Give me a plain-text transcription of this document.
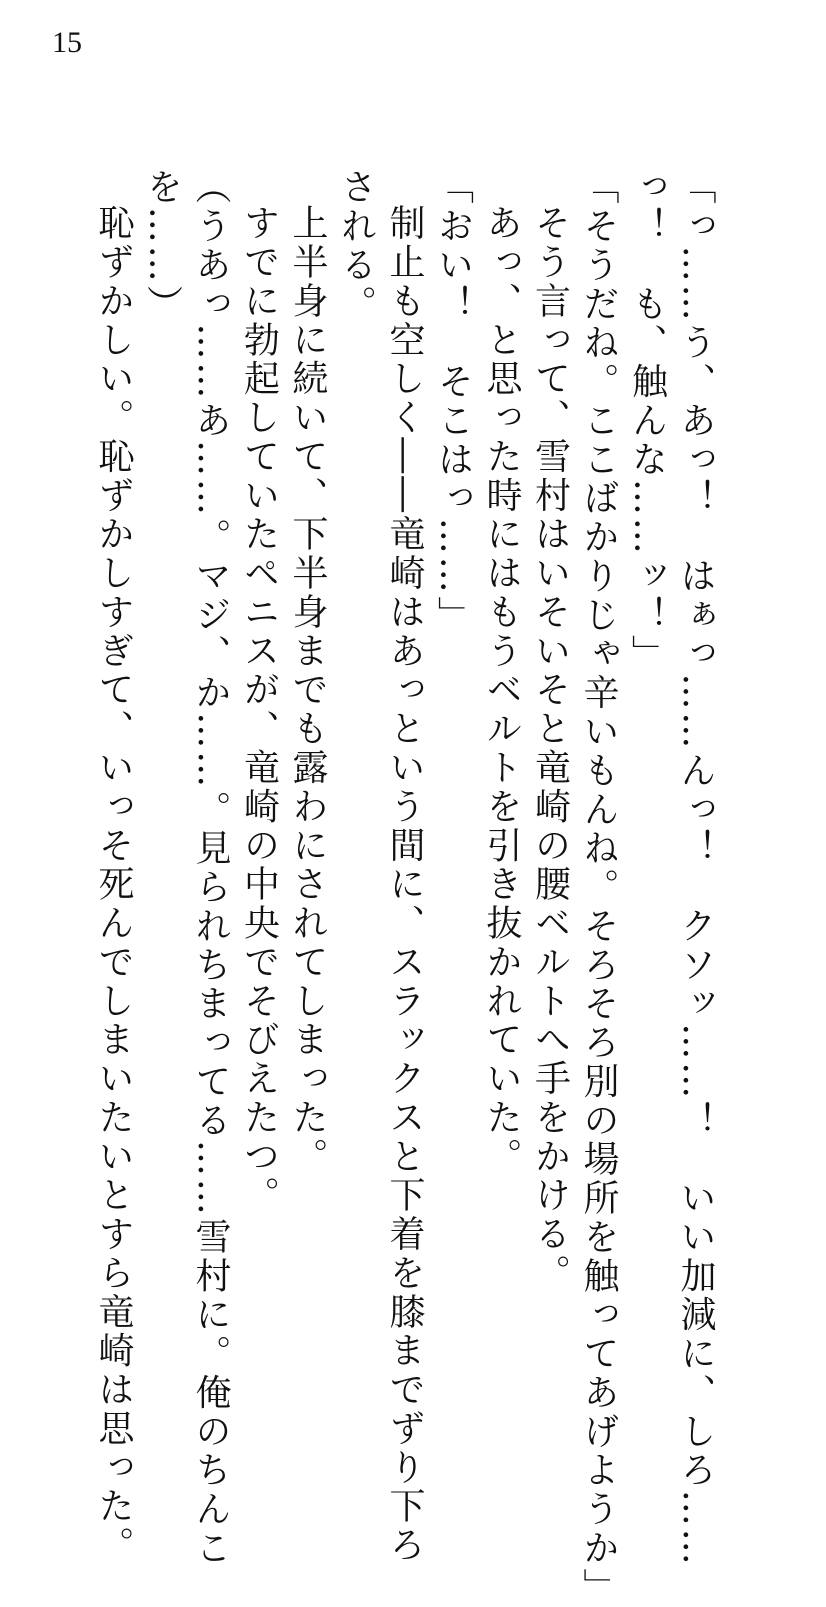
15
「っ……う、あっ！　はぁっ……んっ！　クソッ……！　いい加減に、しろ……
っ！　も、触んな……ッ！」
「そうだね。ここばかりじゃ辛いもんね。そろそろ別の場所を触ってあげようか」
そう言って、雪村はいそいそと竜崎の腰ベルトへ手をかける。
あっ、と思った時にはもうベルトを引き抜かれていた。
「おい！　そこはっ……」
制止も空しく――竜崎はあっという間に、スラックスと下着を膝までずり下ろ
される。
上半身に続いて、下半身までも露わにされてしまった。
すでに勃起していたペニスが、竜崎の中央でそびえたつ。
（うあっ……あ……。マジ、か……。見られちまってる……雪村に。俺のちんこ
を……）
恥ずかしい。恥ずかしすぎて、いっそ死んでしまいたいとすら竜崎は思った。
